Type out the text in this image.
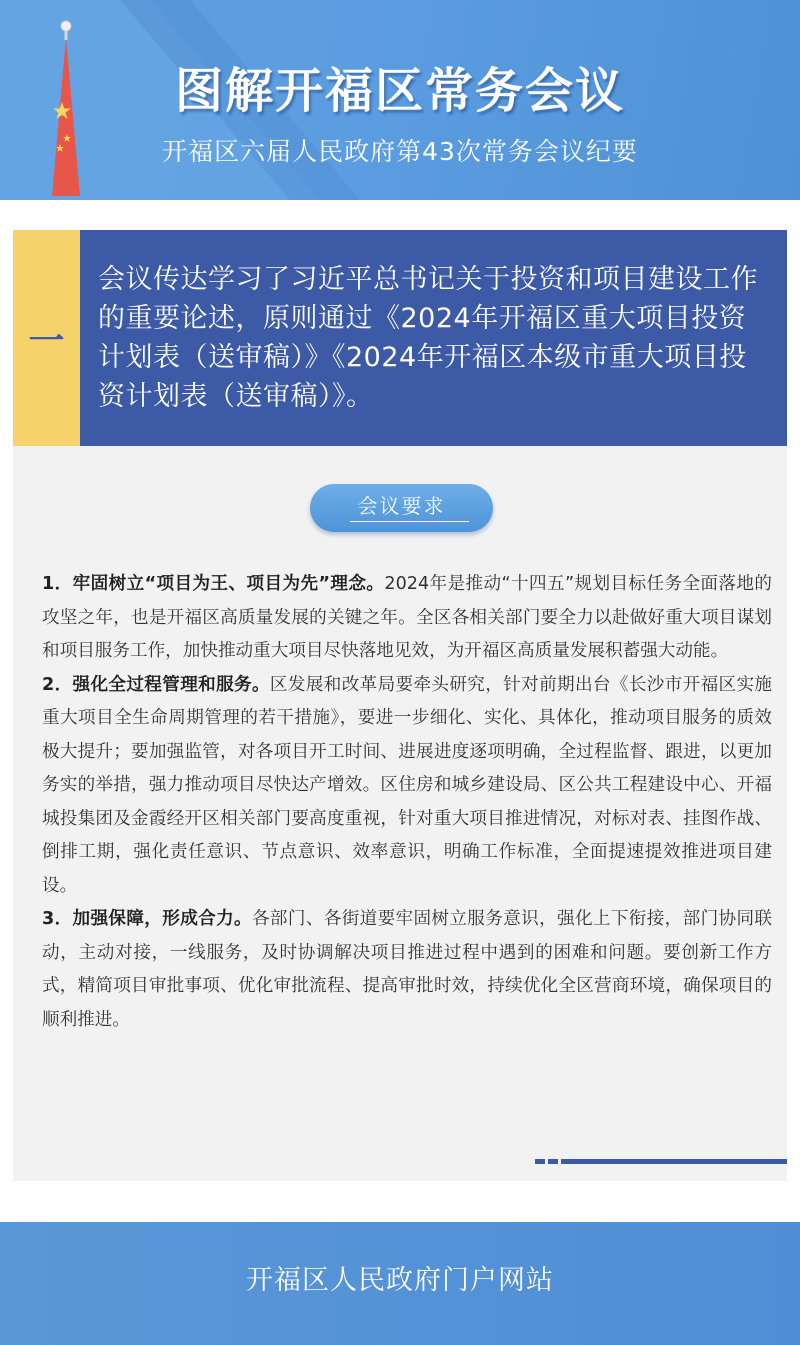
图解开福区常务会议
开福区六届人民政府第43次常务会议纪要
一
会议传达学习了习近平总书记关于投资和项目建设工作的重要论述，原则通过《2024年开福区重大项目投资计划表（送审稿）》《2024年开福区本级市重大项目投资计划表（送审稿）》。
会议要求

1．牢固树立“项目为王、项目为先”理念。2024年是推动“十四五”规划目标任务全面落地的攻坚之年，也是开福区高质量发展的关键之年。全区各相关部门要全力以赴做好重大项目谋划和项目服务工作，加快推动重大项目尽快落地见效，为开福区高质量发展积蓄强大动能。

2．强化全过程管理和服务。区发展和改革局要牵头研究，针对前期出台《长沙市开福区实施重大项目全生命周期管理的若干措施》，要进一步细化、实化、具体化，推动项目服务的质效极大提升；要加强监管，对各项目开工时间、进展进度逐项明确，全过程监督、跟进，以更加务实的举措，强力推动项目尽快达产增效。区住房和城乡建设局、区公共工程建设中心、开福城投集团及金霞经开区相关部门要高度重视，针对重大项目推进情况，对标对表、挂图作战、倒排工期，强化责任意识、节点意识、效率意识，明确工作标准，全面提速提效推进项目建设。

3．加强保障，形成合力。各部门、各街道要牢固树立服务意识，强化上下衔接，部门协同联动，主动对接，一线服务，及时协调解决项目推进过程中遇到的困难和问题。要创新工作方式，精简项目审批事项、优化审批流程、提高审批时效，持续优化全区营商环境，确保项目的顺利推进。

开福区人民政府门户网站
